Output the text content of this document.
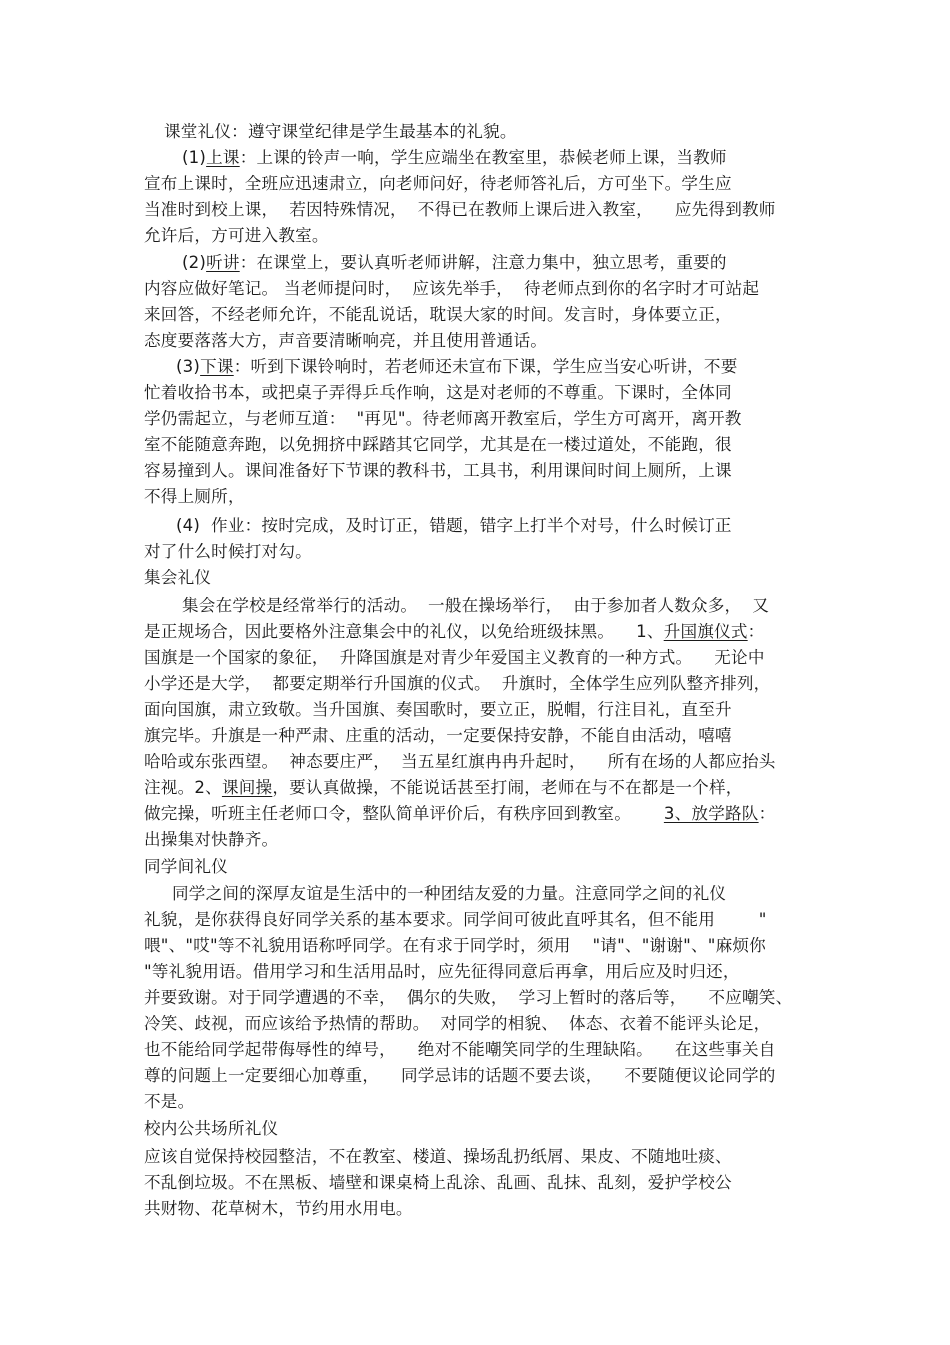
课堂礼仪：遵守课堂纪律是学生最基本的礼貌。
(1)上课：上课的铃声一响，学生应端坐在教室里，恭候老师上课，当教师
宣布上课时，全班应迅速肃立，向老师问好，待老师答礼后，方可坐下。学生应
当准时到校上课，  若因特殊情况，  不得已在教师上课后进入教室，    应先得到教师
允许后，方可进入教室。
(2)听讲：在课堂上，要认真听老师讲解，注意力集中，独立思考，重要的
内容应做好笔记。 当老师提问时，  应该先举手，  待老师点到你的名字时才可站起
来回答，不经老师允许，不能乱说话，耽误大家的时间。发言时，身体要立正，
态度要落落大方，声音要清晰响亮，并且使用普通话。
(3)下课：听到下课铃响时，若老师还未宣布下课，学生应当安心听讲，不要
忙着收拾书本，或把桌子弄得乒乓作响，这是对老师的不尊重。下课时，全体同
学仍需起立，与老师互道：  "再见"。待老师离开教室后，学生方可离开，离开教
室不能随意奔跑，以免拥挤中踩踏其它同学，尤其是在一楼过道处，不能跑，很
容易撞到人。课间准备好下节课的教科书，工具书，利用课间时间上厕所，上课
不得上厕所，
(4)  作业：按时完成，及时订正，错题，错字上打半个对号，什么时候订正
对了什么时候打对勾。
集会礼仪
集会在学校是经常举行的活动。  一般在操场举行，  由于参加者人数众多，  又
是正规场合，因此要格外注意集会中的礼仪，以免给班级抹黑。    1、升国旗仪式：
国旗是一个国家的象征，  升降国旗是对青少年爱国主义教育的一种方式。    无论中
小学还是大学，  都要定期举行升国旗的仪式。  升旗时，全体学生应列队整齐排列，
面向国旗，肃立致敬。当升国旗、奏国歌时，要立正，脱帽，行注目礼，直至升
旗完毕。升旗是一种严肃、庄重的活动，一定要保持安静，不能自由活动，嘻嘻
哈哈或东张西望。  神态要庄严，  当五星红旗冉冉升起时，    所有在场的人都应抬头
注视。2、课间操，要认真做操，不能说话甚至打闹，老师在与不在都是一个样，
做完操，听班主任老师口令，整队简单评价后，有秩序回到教室。      3、放学路队：
出操集对快静齐。
同学间礼仪
同学之间的深厚友谊是生活中的一种团结友爱的力量。注意同学之间的礼仪
礼貌，是你获得良好同学关系的基本要求。同学间可彼此直呼其名，但不能用        "
喂"、"哎"等不礼貌用语称呼同学。在有求于同学时，须用    "请"、"谢谢"、"麻烦你
"等礼貌用语。借用学习和生活用品时，应先征得同意后再拿，用后应及时归还，
并要致谢。对于同学遭遇的不幸，  偶尔的失败，  学习上暂时的落后等，    不应嘲笑、
冷笑、歧视，而应该给予热情的帮助。  对同学的相貌、  体态、衣着不能评头论足，
也不能给同学起带侮辱性的绰号，    绝对不能嘲笑同学的生理缺陷。    在这些事关自
尊的问题上一定要细心加尊重，    同学忌讳的话题不要去谈，    不要随便议论同学的
不是。
校内公共场所礼仪
应该自觉保持校园整洁，不在教室、楼道、操场乱扔纸屑、果皮、不随地吐痰、
不乱倒垃圾。不在黑板、墙壁和课桌椅上乱涂、乱画、乱抹、乱刻，爱护学校公
共财物、花草树木，节约用水用电。
